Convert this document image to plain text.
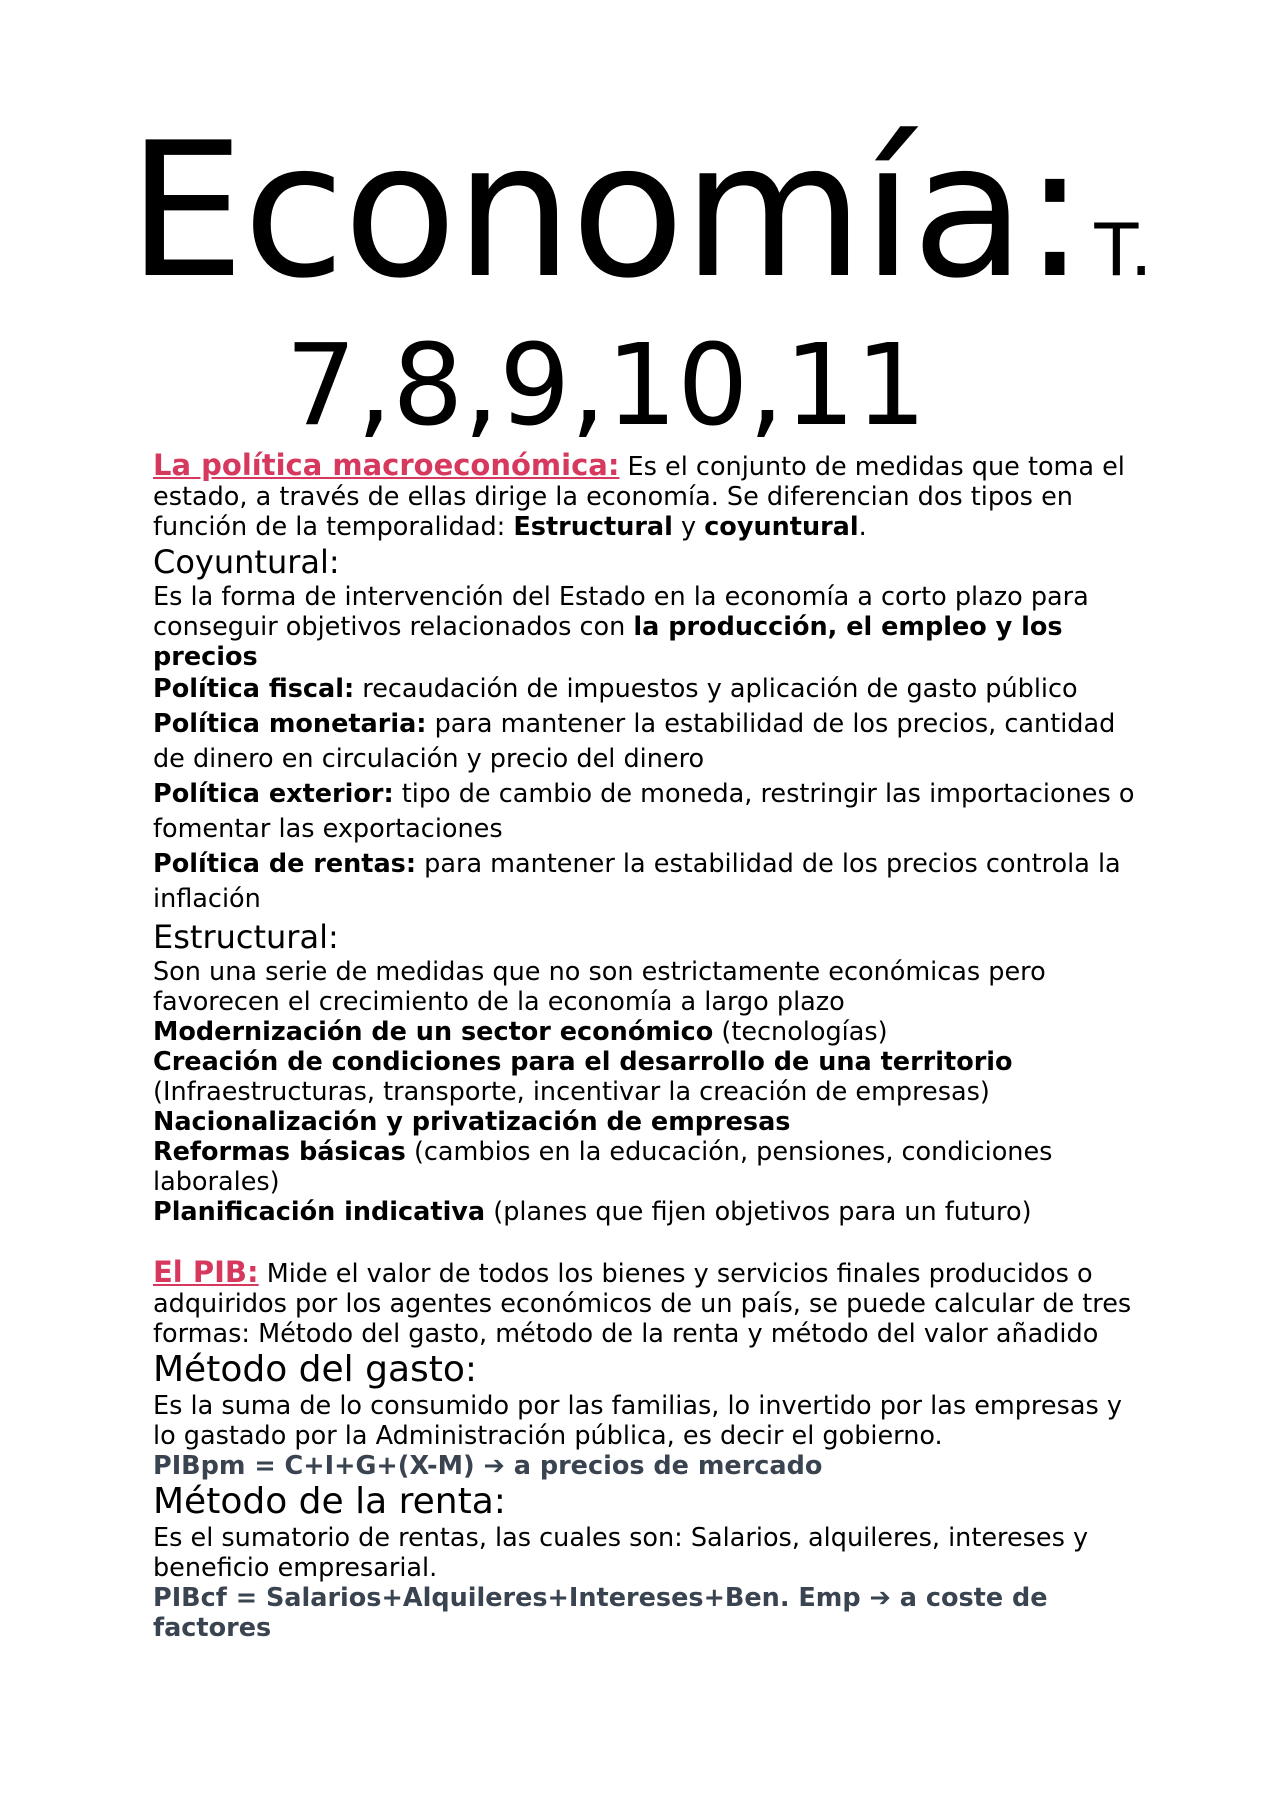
Economía: T.
7,8,9,10,11

La política macroeconómica: Es el conjunto de medidas que toma el estado, a través de ellas dirige la economía. Se diferencian dos tipos en función de la temporalidad: Estructural y coyuntural.

Coyuntural:

Es la forma de intervención del Estado en la economía a corto plazo para conseguir objetivos relacionados con la producción, el empleo y los precios

Política fiscal: recaudación de impuestos y aplicación de gasto público

Política monetaria: para mantener la estabilidad de los precios, cantidad de dinero en circulación y precio del dinero

Política exterior: tipo de cambio de moneda, restringir las importaciones o fomentar las exportaciones

Política de rentas: para mantener la estabilidad de los precios controla la inflación

Estructural:

Son una serie de medidas que no son estrictamente económicas pero favorecen el crecimiento de la economía a largo plazo

Modernización de un sector económico (tecnologías)

Creación de condiciones para el desarrollo de una territorio (Infraestructuras, transporte, incentivar la creación de empresas)

Nacionalización y privatización de empresas

Reformas básicas (cambios en la educación, pensiones, condiciones laborales)

Planificación indicativa (planes que fijen objetivos para un futuro)

El PIB: Mide el valor de todos los bienes y servicios finales producidos o adquiridos por los agentes económicos de un país, se puede calcular de tres formas: Método del gasto, método de la renta y método del valor añadido

Método del gasto:

Es la suma de lo consumido por las familias, lo invertido por las empresas y lo gastado por la Administración pública, es decir el gobierno.

PIBpm = C+I+G+(X-M) ➔ a precios de mercado

Método de la renta:

Es el sumatorio de rentas, las cuales son: Salarios, alquileres, intereses y beneficio empresarial.

PIBcf = Salarios+Alquileres+Intereses+Ben. Emp ➔ a coste de factores
